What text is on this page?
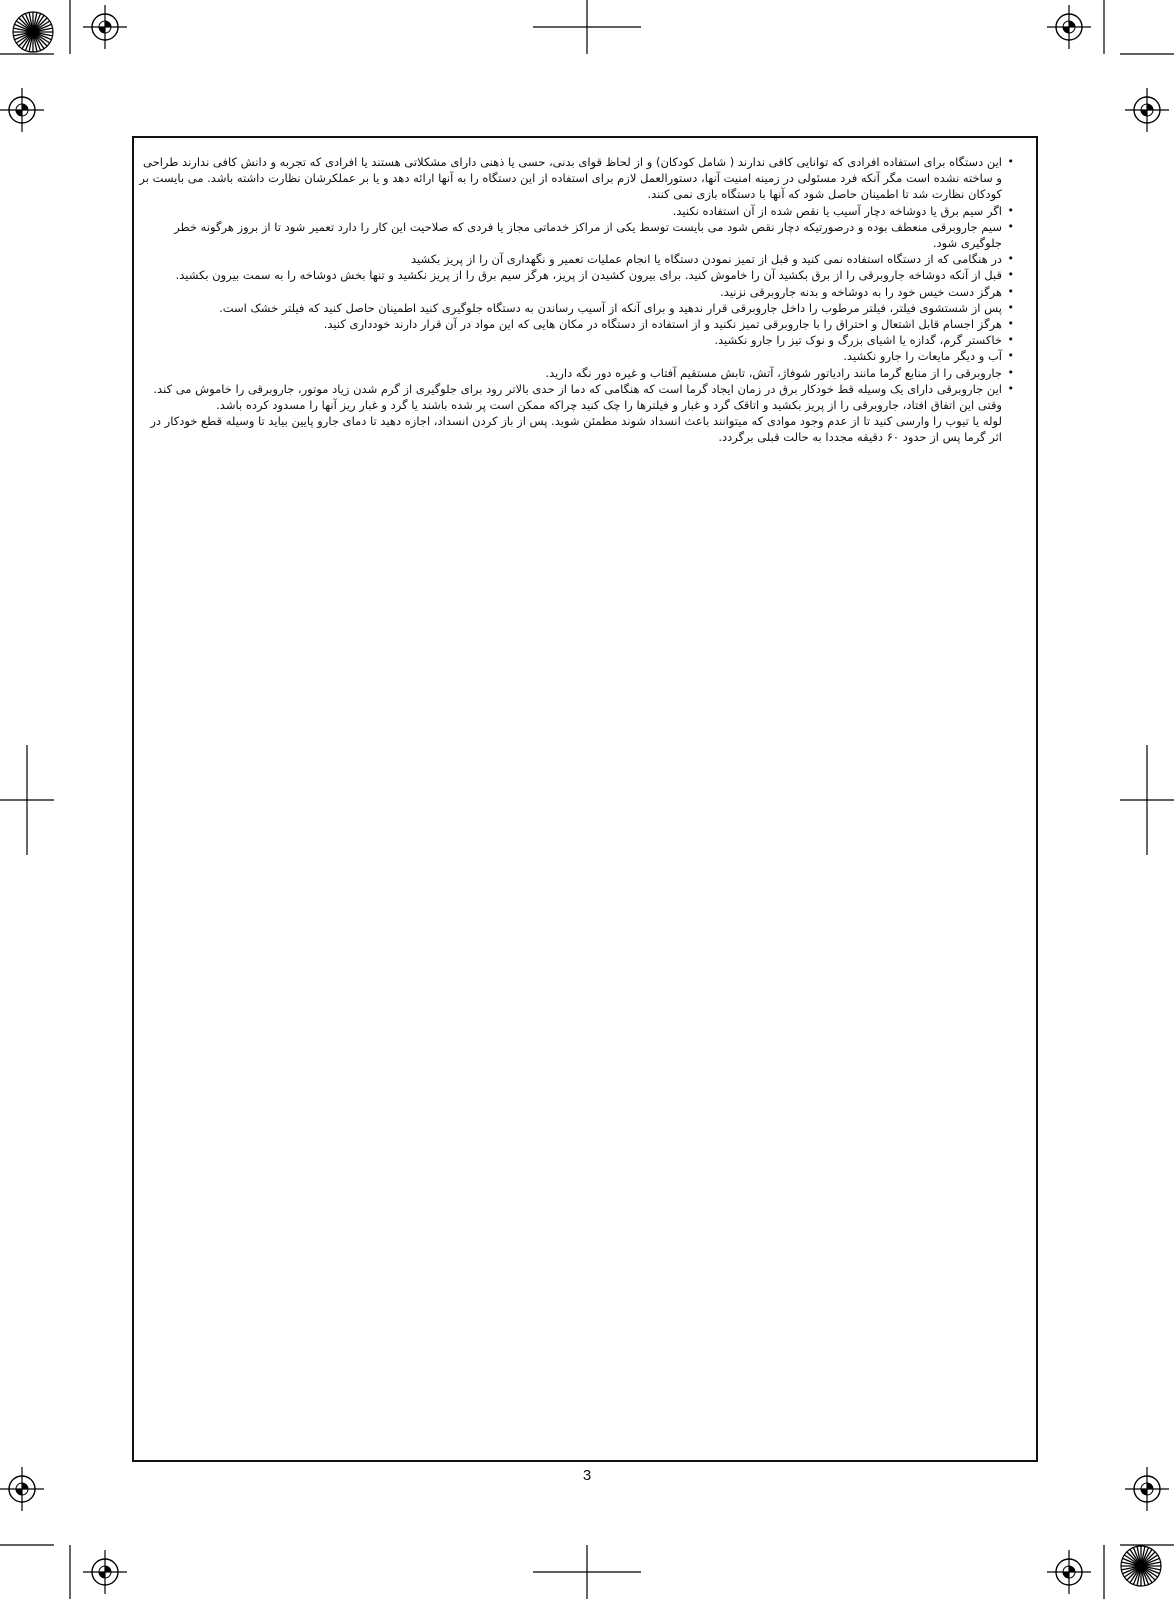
• این دستگاه برای استفاده افرادی که توانایی کافی ندارند ( شامل کودکان) و از لحاظ قوای بدنی، حسی یا ذهنی دارای مشکلاتی هستند یا افرادی که تجربه و دانش کافی ندارند طراحی و ساخته نشده است مگر آنکه فرد مسئولی در زمینه امنیت آنها، دستورالعمل لازم برای استفاده از این دستگاه را به آنها ارائه دهد و یا بر عملکرشان نظارت داشته باشد. می بایست بر کودکان نظارت شد تا اطمینان حاصل شود که آنها با دستگاه بازی نمی کنند.
• اگر سیم برق یا دوشاخه دچار آسیب یا نقص شده از آن استفاده نکنید.
• سیم جاروبرقی منعطف بوده و درصورتیکه دچار نقص شود می بایست توسط یکی از مراکز خدماتی مجاز یا فردی که صلاحیت این کار را دارد تعمیر شود تا از بروز هرگونه خطر جلوگیری شود.
• در هنگامی که از دستگاه استفاده نمی کنید و قبل از تمیز نمودن دستگاه یا انجام عملیات تعمیر و نگهداری آن را از پریز بکشید
• قبل از آنکه دوشاخه جاروبرقی را از برق بکشید آن را خاموش کنید. برای بیرون کشیدن از پریز، هرگز سیم برق را از پریز نکشید و تنها بخش دوشاخه را به سمت بیرون بکشید.
• هرگز دست خیس خود را به دوشاخه و بدنه جاروبرقی نزنید.
• پس از شستشوی فیلتر، فیلتر مرطوب را داخل جاروبرقی قرار ندهید و برای آنکه از آسیب رساندن به دستگاه جلوگیری کنید اطمینان حاصل کنید که فیلتر خشک است.
• هرگز اجسام قابل اشتعال و احتراق را با جاروبرقی تمیز نکنید و از استفاده از دستگاه در مکان هایی که این مواد در آن قرار دارند خودداری کنید.
• خاکستر گرم، گدازه یا اشیای بزرگ و نوک تیز را جارو نکشید.
• آب و دیگر مایعات را جارو نکشید.
• جاروبرقی را از منابع گرما مانند رادیاتور شوفاژ، آتش، تابش مستقیم آفتاب و غیره دور نگه دارید.
• این جاروبرقی دارای یک وسیله قط خودکار برق در زمان ایجاد گرما است که هنگامی که دما از حدی بالاتر رود برای جلوگیری از گرم شدن زیاد موتور، جاروبرقی را خاموش می کند.
وقتی این اتفاق افتاد، جاروبرقی را از پریز بکشید و اتاقک گرد و غبار و فیلترها را چک کنید چراکه ممکن است پر شده باشند یا گرد و غبار ریز آنها را مسدود کرده باشد.
لوله یا تیوب را وارسی کنید تا از عدم وجود موادی که میتوانند باعث انسداد شوند مطمئن شوید. پس از باز کردن انسداد، اجازه دهید تا دمای جارو پایین بیاید تا وسیله قطع خودکار در اثر گرما پس از حدود ۶۰ دقیقه مجددا به حالت قبلی برگردد.
3
